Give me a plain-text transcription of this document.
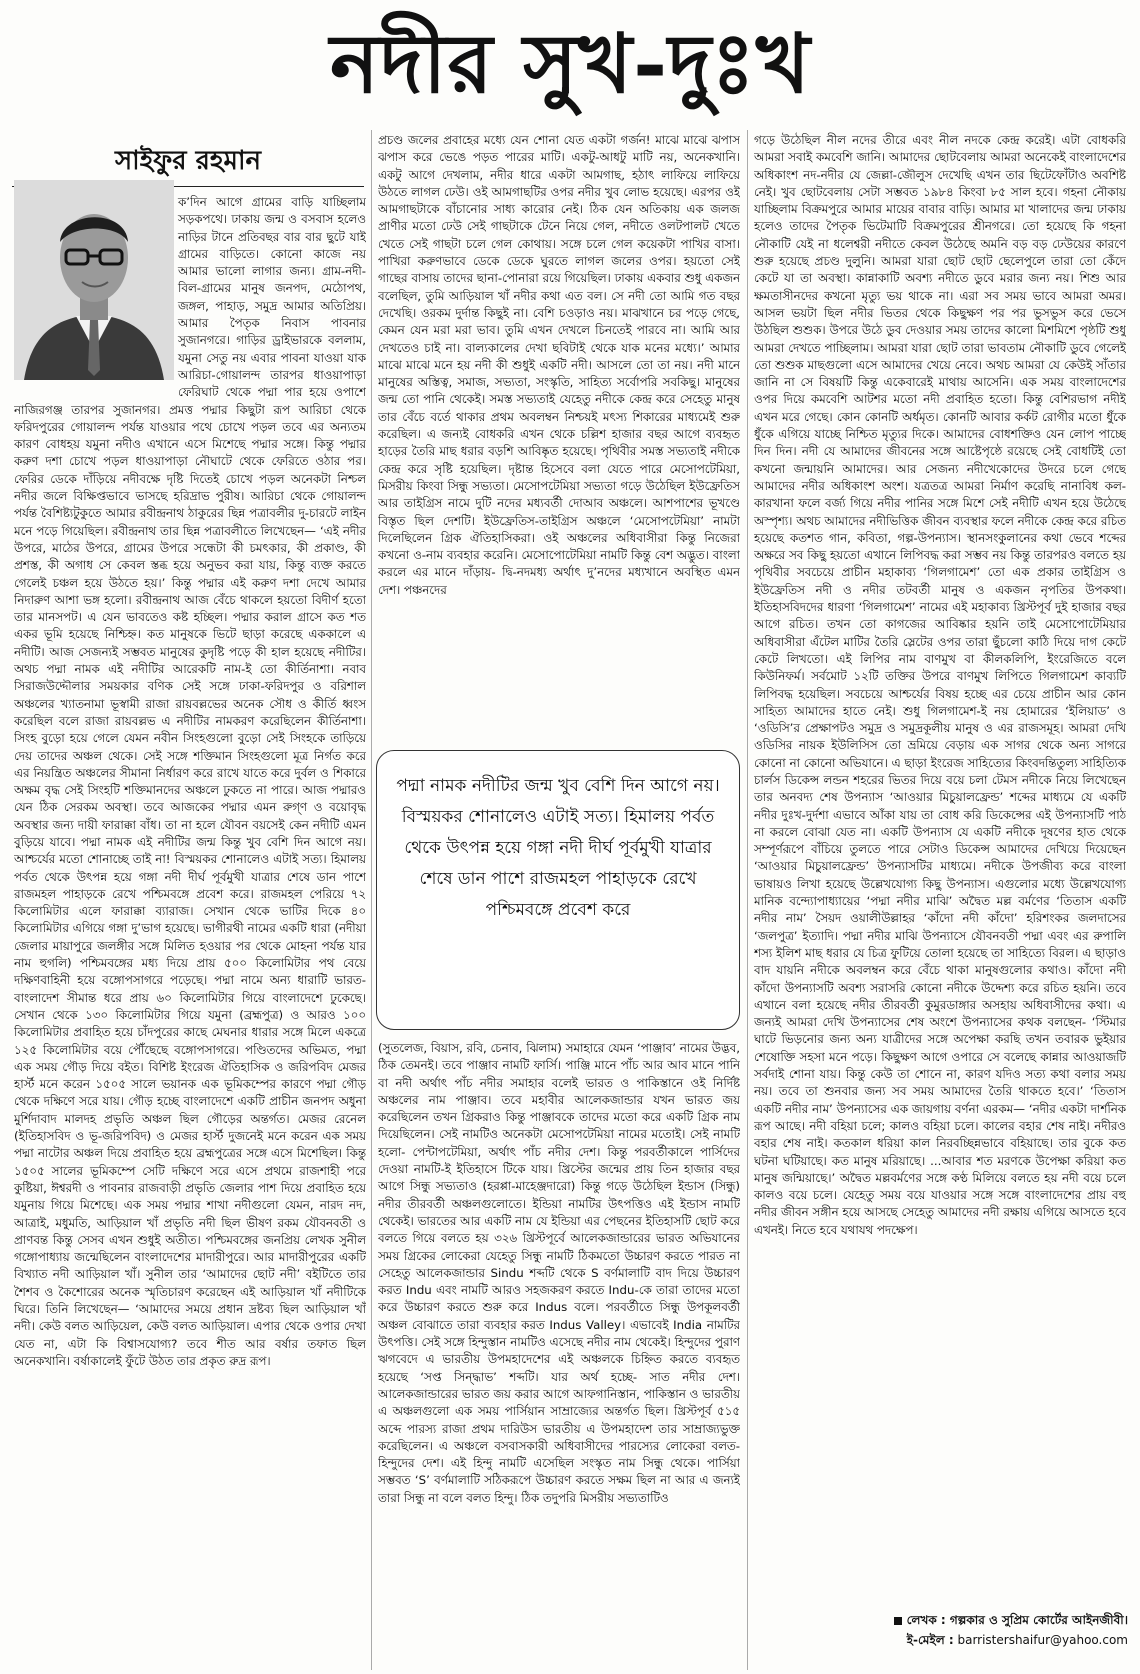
নদীর সুখ-দুঃখ
সাইফুর রহমান

ক’দিন আগে গ্রামের বাড়ি যাচ্ছিলাম সড়কপথে। ঢাকায় জন্ম ও বসবাস হলেও নাড়ির টানে প্রতিবছর বার বার ছুটে যাই গ্রামের বাড়িতে। কোনো কাজে নয় আমার ভালো লাগার জন্য। গ্রাম-নদী-বিল-গ্রামের মানুষ জনপদ, মেঠোপথ, জঙ্গল, পাহাড়, সমুদ্র আমার অতিপ্রিয়। আমার পৈতৃক নিবাস পাবনার সুজানগরে। গাড়ির ড্রাইভারকে বললাম, যমুনা সেতু নয় এবার পাবনা যাওয়া যাক আরিচা-গোয়ালন্দ তারপর ধাওয়াপাড়া ফেরিঘাট থেকে পদ্মা পার হয়ে ওপাশে নাজিরগঞ্জ তারপর সুজানগর। প্রমত্ত পদ্মার কিছুটা রূপ আরিচা থেকে ফরিদপুরের গোয়ালন্দ পর্যন্ত যাওয়ার পথে চোখে পড়ল তবে এর অন্যতম কারণ বোধহয় যমুনা নদীও এখানে এসে মিশেছে পদ্মার সঙ্গে। কিন্তু পদ্মার করুণ দশা চোখে পড়ল ধাওয়াপাড়া নৌঘাটে থেকে ফেরিতে ওঠার পর। ফেরির ডেকে দাঁড়িয়ে নদীবক্ষে দৃষ্টি দিতেই চোখে পড়ল অনেকটা নিশ্চল নদীর জলে বিক্ষিপ্তভাবে ভাসছে হরিদ্রাভ পুরীষ। আরিচা থেকে গোয়ালন্দ পর্যন্ত বৈশিষ্ট্যটুকুতে আমার রবীন্দ্রনাথ ঠাকুরের ছিন্ন পত্রাবলীর দু-চারটে লাইন মনে পড়ে গিয়েছিল। রবীন্দ্রনাথ তার ছিন্ন পত্রাবলীতে লিখেছেন— ‘এই নদীর উপরে, মাঠের উপরে, গ্রামের উপরে সন্ধেটা কী চমৎকার, কী প্রকাণ্ড, কী প্রশস্ত, কী অগাধ সে কেবল স্তব্ধ হয়ে অনুভব করা যায়, কিন্তু ব্যক্ত করতে গেলেই চঞ্চল হয়ে উঠতে হয়।’ কিন্তু পদ্মার এই করুণ দশা দেখে আমার নিদারুণ আশা ভঙ্গ হলো। রবীন্দ্রনাথ আজ বেঁচে থাকলে হয়তো বিদীর্ণ হতো তার মানসপট। এ যেন ভাবতেও কষ্ট হচ্ছিল। পদ্মার করাল গ্রাসে কত শত একর ভূমি হয়েছে নিশ্চিহ্ন। কত মানুষকে ভিটে ছাড়া করেছে এককালে এ নদীটি। আজ সেজন্যই সম্ভবত মানুষের কুদৃষ্টি পড়ে কী হাল হয়েছে নদীটির। অথচ পদ্মা নামক এই নদীটির আরেকটি নাম-ই তো কীর্তিনাশা। নবাব সিরাজউদ্দৌলার সময়কার বণিক সেই সঙ্গে ঢাকা-ফরিদপুর ও বরিশাল অঞ্চলের খ্যাতনামা ভূস্বামী রাজা রায়বল্লভের অনেক সৌধ ও কীর্তি ধ্বংস করেছিল বলে রাজা রায়বল্লভ এ নদীটির নামকরণ করেছিলেন কীর্তিনাশা। সিংহ বুড়ো হয়ে গেলে যেমন নবীন সিংহগুলো বুড়ো সেই সিংহকে তাড়িয়ে দেয় তাদের অঞ্চল থেকে। সেই সঙ্গে শক্তিমান সিংহগুলো মূত্র নির্গত করে এর নিয়ন্ত্রিত অঞ্চলের সীমানা নির্ধারণ করে রাখে যাতে করে দুর্বল ও শিকারে অক্ষম বৃদ্ধ সেই সিংহটি শক্তিমানদের অঞ্চলে ঢুকতে না পারে। আজ পদ্মারও যেন ঠিক সেরকম অবস্থা। তবে আজকের পদ্মার এমন রুগ্ণ ও বয়োবৃদ্ধ অবস্থার জন্য দায়ী ফারাক্কা বাঁধ। তা না হলে যৌবন বয়সেই কেন নদীটি এমন বুড়িয়ে যাবে। পদ্মা নামক এই নদীটির জন্ম কিন্তু খুব বেশি দিন আগে নয়। আশ্চর্যের মতো শোনাচ্ছে তাই না! বিস্ময়কর শোনালেও এটাই সত্য। হিমালয় পর্বত থেকে উৎপন্ন হয়ে গঙ্গা নদী দীর্ঘ পূর্বমুখী যাত্রার শেষে ডান পাশে রাজমহল পাহাড়কে রেখে পশ্চিমবঙ্গে প্রবেশ করে। রাজমহল পেরিয়ে ৭২ কিলোমিটার এলে ফারাক্কা ব্যারাজ। সেখান থেকে ভাটির দিকে ৪০ কিলোমিটার এগিয়ে গঙ্গা দু’ভাগ হয়েছে। ভাগীরথী নামের একটি ধারা (নদীয়া জেলার মায়াপুরে জলঙ্গীর সঙ্গে মিলিত হওয়ার পর থেকে মোহনা পর্যন্ত যার নাম হুগলি) পশ্চিমবঙ্গের মধ্য দিয়ে প্রায় ৫০০ কিলোমিটার পথ বেয়ে দক্ষিণবাহিনী হয়ে বঙ্গোপসাগরে পড়েছে। পদ্মা নামে অন্য ধারাটি ভারত-বাংলাদেশ সীমান্ত ধরে প্রায় ৬০ কিলোমিটার গিয়ে বাংলাদেশে ঢুকেছে। সেখান থেকে ১৩০ কিলোমিটার গিয়ে যমুনা (ব্রহ্মপুত্র) ও আরও ১০০ কিলোমিটার প্রবাহিত হয়ে চাঁদপুরের কাছে মেঘনার ধারার সঙ্গে মিলে একত্রে ১২৫ কিলোমিটার বয়ে পৌঁছেছে বঙ্গোপসাগরে। পণ্ডিতদের অভিমত, পদ্মা এক সময় গৌড় দিয়ে বইত। বিশিষ্ট ইংরেজ ঐতিহাসিক ও জরিপবিদ মেজর হার্স্ট মনে করেন ১৫০৫ সালে ভয়ানক এক ভূমিকম্পের কারণে পদ্মা গৌড় থেকে দক্ষিণে সরে যায়। গৌড় হচ্ছে বাংলাদেশে একটি প্রাচীন জনপদ অধুনা মুর্শিদাবাদ মালদহ প্রভৃতি অঞ্চল ছিল গৌড়ের অন্তর্গত। মেজর রেনেল (ইতিহাসবিদ ও ভূ-জরিপবিদ) ও মেজর হার্স্ট দুজনেই মনে করেন এক সময় পদ্মা নাটোর অঞ্চল দিয়ে প্রবাহিত হয়ে ব্রহ্মপুত্রের সঙ্গে এসে মিশেছিল। কিন্তু ১৫০৫ সালের ভূমিকম্পে সেটি দক্ষিণে সরে এসে প্রথমে রাজশাহী পরে কুষ্টিয়া, ঈশ্বরদী ও পাবনার রাজবাড়ী প্রভৃতি জেলার পাশ দিয়ে প্রবাহিত হয়ে যমুনায় গিয়ে মিশেছে। এক সময় পদ্মার শাখা নদীগুলো যেমন, নারদ নদ, আত্রাই, মধুমতি, আড়িয়াল খাঁ প্রভৃতি নদী ছিল ভীষণ রকম যৌবনবতী ও প্রাণবন্ত কিন্তু সেসব এখন শুধুই অতীত। পশ্চিমবঙ্গের জনপ্রিয় লেখক সুনীল গঙ্গোপাধ্যায় জন্মেছিলেন বাংলাদেশের মাদারীপুরে। আর মাদারীপুরের একটি বিখ্যাত নদী আড়িয়াল খাঁ। সুনীল তার ‘আমাদের ছোট নদী’ বইটিতে তার শৈশব ও কৈশোরের অনেক স্মৃতিচারণ করেছেন এই আড়িয়াল খাঁ নদীটিকে ঘিরে। তিনি লিখেছেন— ‘আমাদের সময়ে প্রধান দ্রষ্টব্য ছিল আড়িয়াল খাঁ নদী। কেউ বলত আড়িয়েল, কেউ বলত আড়িয়াল। এপার থেকে ওপার দেখা যেত না, এটা কি বিশ্বাসযোগ্য? তবে শীত আর বর্ষার তফাত ছিল অনেকখানি। বর্ষাকালেই ফুঁটে উঠত তার প্রকৃত রুদ্র রূপ।

প্রচণ্ড জলের প্রবাহের মধ্যে যেন শোনা যেত একটা গর্জন! মাঝে মাঝে ঝপাস ঝপাস করে ভেঙে পড়ত পারের মাটি। একটু-আধটু মাটি নয়, অনেকখানি। একটু আগে দেখলাম, নদীর ধারে একটা আমগাছ, হঠাৎ লাফিয়ে লাফিয়ে উঠতে লাগল ঢেউ। ওই আমগাছটির ওপর নদীর খুব লোভ হয়েছে। এরপর ওই আমগাছটাকে বাঁচানোর সাধ্য কারোর নেই। ঠিক যেন অতিকায় এক জলজ প্রাণীর মতো ঢেউ সেই গাছটাকে টেনে নিয়ে গেল, নদীতে ওলটপালট খেতে খেতে সেই গাছটা চলে গেল কোথায়। সঙ্গে চলে গেল কয়েকটা পাখির বাসা। পাখিরা করুণভাবে ডেকে ডেকে ঘুরতে লাগল জলের ওপর। হয়তো সেই গাছের বাসায় তাদের ছানা-পোনারা রয়ে গিয়েছিল। ঢাকায় একবার শুধু একজন বলেছিল, তুমি আড়িয়াল খাঁ নদীর কথা এত বল। সে নদী তো আমি গত বছর দেখেছি। ওরকম দুর্দান্ত কিছুই না। বেশি চওড়াও নয়। মাঝখানে চর পড়ে গেছে, কেমন যেন মরা মরা ভাব। তুমি এখন দেখলে চিনতেই পারবে না। আমি আর দেখতেও চাই না। বাল্যকালের দেখা ছবিটাই থেকে যাক মনের মধ্যে।’ আমার মাঝে মাঝে মনে হয় নদী কী শুধুই একটি নদী। আসলে তো তা নয়। নদী মানে মানুষের অস্তিত্ব, সমাজ, সভ্যতা, সংস্কৃতি, সাহিত্য সর্বোপরি সবকিছু। মানুষের জন্ম তো পানি থেকেই। সমস্ত সভ্যতাই যেহেতু নদীকে কেন্দ্র করে সেহেতু মানুষ তার বেঁচে বর্তে থাকার প্রথম অবলম্বন নিশ্চয়ই মৎস্য শিকারের মাধ্যমেই শুরু করেছিল। এ জন্যই বোধকরি এখন থেকে চল্লিশ হাজার বছর আগে ব্যবহৃত হাড়ের তৈরি মাছ ধরার বড়শি আবিষ্কৃত হয়েছে। পৃথিবীর সমস্ত সভ্যতাই নদীকে কেন্দ্র করে সৃষ্টি হয়েছিল। দৃষ্টান্ত হিসেবে বলা যেতে পারে মেসোপটেমিয়া, মিসরীয় কিংবা সিন্ধু সভ্যতা। মেসোপটেমিয়া সভ্যতা গড়ে উঠেছিল ইউফ্রেতিস আর তাইগ্রিস নামে দুটি নদের মধ্যবর্তী দোআব অঞ্চলে। আশপাশের ভূখণ্ডে বিস্তৃত ছিল দেশটি। ইউফ্রেতিস-তাইগ্রিস অঞ্চলে ‘মেসোপটেমিয়া’ নামটা দিলেছিলেন গ্রিক ঐতিহাসিকরা। ওই অঞ্চলের অধিবাসীরা কিন্তু নিজেরা কখনো ও-নাম ব্যবহার করেনি। মেসোপোটেমিয়া নামটি কিন্তু বেশ অদ্ভুত। বাংলা করলে এর মানে দাঁড়ায়- দ্বি-নদমধ্য অর্থাৎ দু’নদের মধ্যখানে অবস্থিত এমন দেশ। পঞ্চনদের

পদ্মা নামক নদীটির জন্ম খুব বেশি দিন আগে নয়। বিস্ময়কর শোনালেও এটাই সত্য। হিমালয় পর্বত থেকে উৎপন্ন হয়ে গঙ্গা নদী দীর্ঘ পূর্বমুখী যাত্রার শেষে ডান পাশে রাজমহল পাহাড়কে রেখে পশ্চিমবঙ্গে প্রবেশ করে

(সুতলেজ, বিয়াস, রবি, চেনাব, ঝিলাম) সমাহারে যেমন ‘পাঞ্জাব’ নামের উদ্ভব, ঠিক তেমনই। তবে পাঞ্জাব নামটি ফার্সি। পাঞ্জি মানে পাঁচ আর আব মানে পানি বা নদী অর্থাৎ পাঁচ নদীর সমাহার বলেই ভারত ও পাকিস্তানে ওই নির্দিষ্ট অঞ্চলের নাম পাঞ্জাব। তবে মহাবীর আলেকজান্ডার যখন ভারত জয় করেছিলেন তখন গ্রিকরাও কিন্তু পাঞ্জাবকে তাদের মতো করে একটি গ্রিক নাম দিয়েছিলেন। সেই নামটিও অনেকটা মেসোপটেমিয়া নামের মতোই। সেই নামটি হলো- পেন্টাপটেমিয়া, অর্থাৎ পাঁচ নদীর দেশ। কিন্তু পরবর্তীকালে পার্সিদের দেওয়া নামটি-ই ইতিহাসে টিকে যায়। খ্রিস্টের জন্মের প্রায় তিন হাজার বছর আগে সিন্ধু সভ্যতাও (হরপ্পা-মাহেঞ্জদারো) কিন্তু গড়ে উঠেছিল ইন্ডাস (সিন্ধু) নদীর তীরবর্তী অঞ্চলগুলোতে। ইন্ডিয়া নামটির উৎপত্তিও এই ইন্ডাস নামটি থেকেই। ভারতের আর একটি নাম যে ইন্ডিয়া এর পেছনের ইতিহাসটি ছোট করে বলতে গিয়ে বলতে হয় ৩২৬ খ্রিস্টপূর্বে আলেকজান্ডারের ভারত অভিযানের সময় গ্রিকের লোকেরা যেহেতু সিন্ধু নামটি ঠিকমতো উচ্চারণ করতে পারত না সেহেতু আলেকজান্ডার Sindu শব্দটি থেকে S বর্ণমালাটি বাদ দিয়ে উচ্চারণ করত Indu এবং নামটি আরও সহজকরণ করতে Indu-কে তারা তাদের মতো করে উচ্চারণ করতে শুরু করে Indus বলে। পরবর্তীতে সিন্ধু উপকূলবর্তী অঞ্চল বোঝাতে তারা ব্যবহার করত Indus Valley। এভাবেই India নামটির উৎপত্তি। সেই সঙ্গে হিন্দুস্তান নামটিও এসেছে নদীর নাম থেকেই। হিন্দুদের পুরাণ ঋগবেদে এ ভারতীয় উপমহাদেশের এই অঞ্চলকে চিহ্নিত করতে ব্যবহৃত হয়েছে ‘সপ্ত সিন্দ্ধাভ’ শব্দটি। যার অর্থ হচ্ছে- সাত নদীর দেশ। আলেকজান্ডারের ভারত জয় করার আগে আফগানিস্তান, পাকিস্তান ও ভারতীয় এ অঞ্চলগুলো এক সময় পার্সিয়ান সাম্রাজ্যের অন্তর্গত ছিল। খ্রিস্টপূর্ব ৫১৫ অব্দে পারস্য রাজা প্রথম দারিউস ভারতীয় এ উপমহাদেশ তার সাম্রাজ্যভুক্ত করেছিলেন। এ অঞ্চলে বসবাসকারী অধিবাসীদের পারস্যের লোকেরা বলত- হিন্দুদের দেশ। এই হিন্দু নামটি এসেছিল সংস্কৃত নাম সিন্ধু থেকে। পার্সিয়া সম্ভবত ‘S’ বর্ণমালাটি সঠিকরূপে উচ্চারণ করতে সক্ষম ছিল না আর এ জন্যই তারা সিন্ধু না বলে বলত হিন্দু। ঠিক তদুপরি মিসরীয় সভ্যতাটিও

গড়ে উঠেছিল নীল নদের তীরে এবং নীল নদকে কেন্দ্র করেই। এটা বোধকরি আমরা সবাই কমবেশি জানি। আমাদের ছোটবেলায় আমরা অনেকেই বাংলাদেশের অধিকাংশ নদ-নদীর যে জেল্লা-জৌলুস দেখেছি এখন তার ছিটেফোঁটাও অবশিষ্ট নেই। খুব ছোটবেলায় সেটা সম্ভবত ১৯৮৪ কিংবা ৮৫ সাল হবে। গহনা নৌকায় যাচ্ছিলাম বিক্রমপুরে আমার মায়ের বাবার বাড়ি। আমার মা খালাদের জন্ম ঢাকায় হলেও তাদের পৈতৃক ভিটেমাটি বিক্রমপুরের শ্রীনগরে। তো হয়েছে কি গহনা নৌকাটি যেই না ধলেশ্বরী নদীতে কেবল উঠেছে অমনি বড় বড় ঢেউয়ের কারণে শুরু হয়েছে প্রচণ্ড দুলুনি। আমরা যারা ছোট ছোট ছেলেপুলে তারা তো কেঁদে কেটে যা তা অবস্থা। কান্নাকাটি অবশ্য নদীতে ডুবে মরার জন্য নয়। শিশু আর ক্ষমতাসীনদের কখনো মৃত্যু ভয় থাকে না। এরা সব সময় ভাবে আমরা অমর। আসল ভয়টা ছিল নদীর ভিতর থেকে কিছুক্ষণ পর পর ভুসভুস করে ভেসে উঠছিল শুশুক। উপরে উঠে ডুব দেওয়ার সময় তাদের কালো মিশমিশে পৃষ্ঠটি শুধু আমরা দেখতে পাচ্ছিলাম। আমরা যারা ছোট তারা ভাবতাম নৌকাটি ডুবে গেলেই তো শুশুক মাছগুলো এসে আমাদের খেয়ে নেবে। অথচ আমরা যে কেউই সাঁতার জানি না সে বিষয়টি কিন্তু একেবারেই মাথায় আসেনি। এক সময় বাংলাদেশের ওপর দিয়ে কমবেশি আটশর মতো নদী প্রবাহিত হতো। কিন্তু বেশিরভাগ নদীই এখন মরে গেছে। কোন কোনটি অর্ধমৃত। কোনটি আবার কর্কট রোগীর মতো ধুঁকে ধুঁকে এগিয়ে যাচ্ছে নিশ্চিত মৃত্যুর দিকে। আমাদের বোধশক্তিও যেন লোপ পাচ্ছে দিন দিন। নদী যে আমাদের জীবনের সঙ্গে আষ্টেপৃষ্ঠে রয়েছে সেই বোধটিই তো কখনো জন্মায়নি আমাদের। আর সেজন্য নদীখেকোদের উদরে চলে গেছে আমাদের নদীর অধিকাংশ অংশ। যত্রতত্র আমরা নির্মাণ করেছি নানাবিধ কল-কারখানা ফলে বর্জ্য গিয়ে নদীর পানির সঙ্গে মিশে সেই নদীটি এখন হয়ে উঠেছে অস্পৃশ্য। অথচ আমাদের নদীভিত্তিক জীবন ব্যবস্থার ফলে নদীকে কেন্দ্র করে রচিত হয়েছে কতশত গান, কবিতা, গল্প-উপন্যাস। স্থানসংকুলানের কথা ভেবে শব্দের অক্ষরে সব কিছু হয়তো এখানে লিপিবদ্ধ করা সম্ভব নয় কিন্তু তারপরও বলতে হয় পৃথিবীর সবচেয়ে প্রাচীন মহাকাব্য ‘গিলগামেশ’ তো এক প্রকার তাইগ্রিস ও ইউফ্রেতিস নদী ও নদীর তটবর্তী মানুষ ও একজন নৃপতির উপকথা। ইতিহাসবিদদের ধারণা ‘গিলগামেশ’ নামের এই মহাকাব্য খ্রিস্টপূর্ব দুই হাজার বছর আগে রচিত। তখন তো কাগজের আবিষ্কার হয়নি তাই মেসোপোটেমিয়ার অধিবাসীরা এঁটেল মাটির তৈরি স্লেটের ওপর তারা ছুঁচলো কাঠি দিয়ে দাগ কেটে কেটে লিখতো। এই লিপির নাম বাণমুখ বা কীলকলিপি, ইংরেজিতে বলে কিউনিফর্ম। সর্বমোট ১২টি তক্তির উপরে বাণমুখ লিপিতে গিলগামেশ কাব্যটি লিপিবদ্ধ হয়েছিল। সবচেয়ে আশ্চর্যের বিষয় হচ্ছে এর চেয়ে প্রাচীন আর কোন সাহিত্য আমাদের হাতে নেই। শুধু গিলগামেশ-ই নয় হোমারের ‘ইলিয়াড’ ও ‘ওডিসি’র প্রেক্ষাপটও সমুদ্র ও সমুদ্রকূলীয় মানুষ ও এর রাজসমূহ। আমরা দেখি ওডিসির নায়ক ইউলিসিস তো ভ্রমিয়ে বেড়ায় এক সাগর থেকে অন্য সাগরে কোনো না কোনো অভিযানে। এ ছাড়া ইংরেজ সাহিত্যের কিংবদন্তিতুল্য সাহিত্যিক চার্লস ডিকেন্স লন্ডন শহরের ভিতর দিয়ে বয়ে চলা টেমস নদীকে নিয়ে লিখেছেন তার অনবদ্য শেষ উপন্যাস ‘আওয়ার মিচুয়ালফ্রেন্ড’ শব্দের মাধ্যমে যে একটি নদীর দুঃখ-দুর্দশা এভাবে আঁকা যায় তা বোধ করি ডিকেন্সের এই উপন্যাসটি পাঠ না করলে বোঝা যেত না। একটি উপন্যাস যে একটি নদীকে দূষণের হাত থেকে সম্পূর্ণরূপে বাঁচিয়ে তুলতে পারে সেটাও ডিকেন্স আমাদের দেখিয়ে দিয়েছেন ‘আওয়ার মিচুয়ালফ্রেন্ড’ উপন্যাসটির মাধ্যমে। নদীকে উপজীব্য করে বাংলা ভাষায়ও লিখা হয়েছে উল্লেখযোগ্য কিছু উপন্যাস। এগুলোর মধ্যে উল্লেখযোগ্য মানিক বন্দ্যোপাধ্যায়ের ‘পদ্মা নদীর মাঝি’ অদ্বৈত মল্ল বর্মণের ‘তিতাস একটি নদীর নাম’ সৈয়দ ওয়ালীউল্লাহর ‘কাঁদো নদী কাঁদো’ হরিশংকর জলদাসের ‘জলপুত্র’ ইত্যাদি। পদ্মা নদীর মাঝি উপন্যাসে যৌবনবতী পদ্মা এবং এর রুপালি শস্য ইলিশ মাছ ধরার যে চিত্র ফুটিয়ে তোলা হয়েছে তা সাহিত্যে বিরল। এ ছাড়াও বাদ যায়নি নদীকে অবলম্বন করে বেঁচে থাকা মানুষগুলোর কথাও। কাঁদো নদী কাঁদো উপন্যাসটি অবশ্য সরাসরি কোনো নদীকে উদ্দেশ্য করে রচিত হয়নি। তবে এখানে বলা হয়েছে নদীর তীরবর্তী কুমুরডাঙ্গার অসহায় অধিবাসীদের কথা। এ জন্যই আমরা দেখি উপন্যাসের শেষ অংশে উপন্যাসের কথক বলছেন- ‘স্টিমার ঘাটে ভিড়নোর জন্য অন্য যাত্রীদের সঙ্গে অপেক্ষা করছি তখন তবারক ভুইয়ার শেষোক্তি সহসা মনে পড়ে। কিছুক্ষণ আগে ওপারে সে বলেছে কান্নার আওয়াজটি সর্বদাই শোনা যায়। কিন্তু কেউ তা শোনে না, কারণ যদিও সত্য কথা বলার সময় নয়। তবে তা শুনবার জন্য সব সময় আমাদের তৈরি থাকতে হবে।’ ‘তিতাস একটি নদীর নাম’ উপন্যাসের এক জায়গায় বর্ণনা এরকম— ‘নদীর একটা দার্শনিক রূপ আছে। নদী বহিয়া চলে; কালও বহিয়া চলে। কালের বহার শেষ নাই। নদীরও বহার শেষ নাই। কতকাল ধরিয়া কাল নিরবচ্ছিন্নভাবে বহিয়াছে। তার বুকে কত ঘটনা ঘটিয়াছে। কত মানুষ মরিয়াছে। ...আবার শত মরণকে উপেক্ষা করিয়া কত মানুষ জন্মিয়াছে।’ অদ্বৈত মল্লবর্মণের সঙ্গে কণ্ঠ মিলিয়ে বলতে হয় নদী বয়ে চলে কালও বয়ে চলে। যেহেতু সময় বয়ে যাওয়ার সঙ্গে সঙ্গে বাংলাদেশের প্রায় বহু নদীর জীবন সঙ্গীন হয়ে আসছে সেহেতু আমাদের নদী রক্ষায় এগিয়ে আসতে হবে এখনই। নিতে হবে যথাযথ পদক্ষেপ।

লেখক : গল্পকার ও সুপ্রিম কোর্টের আইনজীবী।
ই-মেইল : barristershaifur@yahoo.com
